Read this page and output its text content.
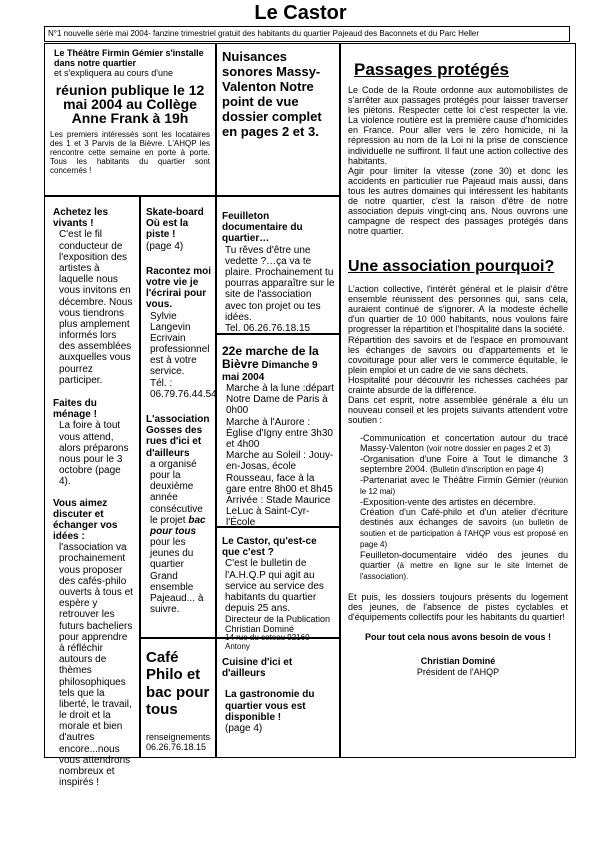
Le Castor
N°1 nouvelle série mai 2004- fanzine trimestriel gratuit des habitants du quartier Pajeaud des Baconnets et du Parc Heller

Le Théâtre Firmin Gémier s'installe dans notre quartier

et s'expliquera au cours d'une

réunion publique le 12 mai 2004 au Collège Anne Frank à 19h

Les premiers intéressés sont les locataires des 1 et 3 Parvis de la Bièvre. L'AHQP les rencontre cette semaine en porte à porte. Tous les habitants du quartier sont concernés !

Nuisances sonores Massy-Valenton Notre point de vue dossier complet en pages 2 et 3.

Passages protégés

Le Code de la Route ordonne aux automobilistes de s'arrêter aux passages protégés pour laisser traverser les piétons. Respecter cette loi c'est respecter la vie. La violence routière est la première cause d'homicides en France. Pour aller vers le zéro homicide, ni la répression au nom de la Loi ni la prise de conscience individuelle ne suffiront. Il faut une action collective des habitants.

Agir pour limiter la vitesse (zone 30) et donc les accidents en particulier rue Pajeaud mais aussi, dans tous les autres domaines qui intéressent les habitants de notre quartier, c'est la raison d'être de notre association depuis vingt-cinq ans. Nous ouvrons une campagne de respect des passages protégés dans notre quartier.

Une association pourquoi?

L'action collective, l'intérêt général et le plaisir d'être ensemble réunissent des personnes qui, sans cela, auraient continué de s'ignorer. A la modeste échelle d'un quartier de 10 000 habitants, nous voulons faire progresser la répartition et l'hospitalité dans la société.

Répartition des savoirs et de l'espace en promouvant les échanges de savoirs ou d'appartements et le covoiturage pour aller vers le commerce équitable, le plein emploi et un cadre de vie sans déchets.

Hospitalité pour découvrir les richesses cachées par crainte absurde de la différence.

Dans cet esprit, notre assemblée générale a élu un nouveau conseil et les projets suivants attendent votre soutien :

-Communication et concertation autour du tracé Massy-Valenton (voir notre dossier en pages 2 et 3)

-Organisation d'une Foire à Tout le dimanche 3 septembre 2004. (Bulletin d'inscription en page 4)

-Partenariat avec le Théâtre Firmin Gémier (réunion le 12 mai)

-Exposition-vente des artistes en décembre.

Création d'un Café-philo et d'un atelier d'écriture destinés aux échanges de savoirs (un bulletin de soutien et de participation à l'AHQP vous est proposé en page 4)

Feuilleton-documentaire vidéo des jeunes du quartier (à mettre en ligne sur le site Internet de l'association).

Et puis, les dossiers toujours présents du logement des jeunes, de l'absence de pistes cyclables et d'équipements collectifs pour les habitants du quartier!

Pour tout cela nous avons besoin de vous !

Christian Dominé

Président de l'AHQP

Achetez les vivants !

C'est le fil conducteur de l'exposition des artistes à laquelle nous vous invitons en décembre. Nous vous tiendrons plus amplement informés lors des assemblées auxquelles vous pourrez participer.

Faites du ménage !

La foire à tout vous attend, alors préparons nous pour le 3 octobre (page 4).

Vous aimez discuter et échanger vos idées :

l'association va prochainement vous proposer des cafés-philo ouverts à tous et espère y retrouver les futurs bacheliers pour apprendre à réfléchir autours de thèmes philosophiques tels que la liberté, le travail, le droit et la morale et bien d'autres encore...nous vous attendrons nombreux et inspirés !

Skate-board Où est la piste !

(page 4)

Racontez moi votre vie je l'écrirai pour vous.

Sylvie Langevin Ecrivain professionnel est à votre service.

Tél. : 06.79.76.44.54

L'association Gosses des rues d'ici et d'ailleurs

a organisé pour la deuxième année consécutive le projet bac pour tous pour les jeunes du quartier Grand ensemble Pajeaud... à suivre.

Café Philo et bac pour tous

renseignements 06.26.76.18.15

Feuilleton documentaire du quartier…

Tu rêves d'être une vedette ?…ça va te plaire. Prochainement tu pourras apparaître sur le site de l'association avec ton projet ou tes idées.

Tel. 06.26.76.18.15

22e marche de la Bièvre Dimanche 9 mai 2004

Marche à la lune :départ Notre Dame de Paris à 0h00

Marche à l'Aurore : Église d'Igny entre 3h30 et 4h00

Marche au Soleil : Jouy-en-Josas, école Rousseau, face à la gare entre 8h00 et 8h45

Arrivée : Stade Maurice LeLuc à Saint-Cyr-l'École

Le Castor, qu'est-ce que c'est ?

C'est le bulletin de l'A.H.Q.P qui agit au service au service des habitants du quartier depuis 25 ans.

Directeur de la Publication Christian Dominé

14 rue du coteau 92160 Antony

Cuisine d'ici et d'ailleurs

La gastronomie du quartier vous est disponible !

(page 4)
